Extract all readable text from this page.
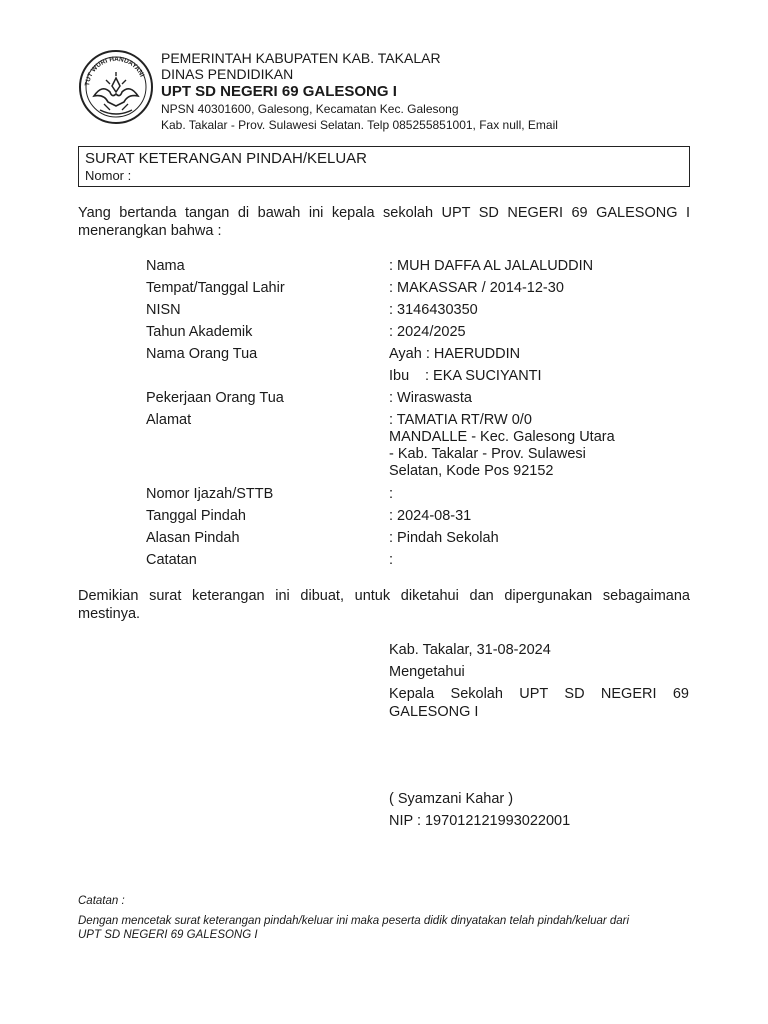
TUT WURI HANDAYANI
PEMERINTAH KABUPATEN KAB. TAKALAR
DINAS PENDIDIKAN
UPT SD NEGERI 69 GALESONG I
NPSN 40301600, Galesong, Kecamatan Kec. Galesong
Kab. Takalar - Prov. Sulawesi Selatan. Telp 085255851001, Fax null, Email
SURAT KETERANGAN PINDAH/KELUAR
Nomor :
Yang bertanda tangan di bawah ini kepala sekolah UPT SD NEGERI 69 GALESONG I
menerangkan bahwa :
Nama	: MUH DAFFA AL JALALUDDIN
Tempat/Tanggal Lahir	: MAKASSAR / 2014-12-30
NISN	: 3146430350
Tahun Akademik	: 2024/2025
Nama Orang Tua	Ayah : HAERUDDIN
Ibu	: EKA SUCIYANTI
Pekerjaan Orang Tua	: Wiraswasta
Alamat	: TAMATIA RT/RW 0/0
MANDALLE - Kec. Galesong Utara
- Kab. Takalar - Prov. Sulawesi
Selatan, Kode Pos 92152
Nomor Ijazah/STTB	:
Tanggal Pindah	: 2024-08-31
Alasan Pindah	: Pindah Sekolah
Catatan	:
Demikian surat keterangan ini dibuat, untuk diketahui dan dipergunakan sebagaimana
mestinya.
Kab. Takalar, 31-08-2024
Mengetahui
Kepala Sekolah UPT SD NEGERI 69
GALESONG I
( Syamzani Kahar )
NIP : 197012121993022001
Catatan :
Dengan mencetak surat keterangan pindah/keluar ini maka peserta didik dinyatakan telah pindah/keluar dari
UPT SD NEGERI 69 GALESONG I
